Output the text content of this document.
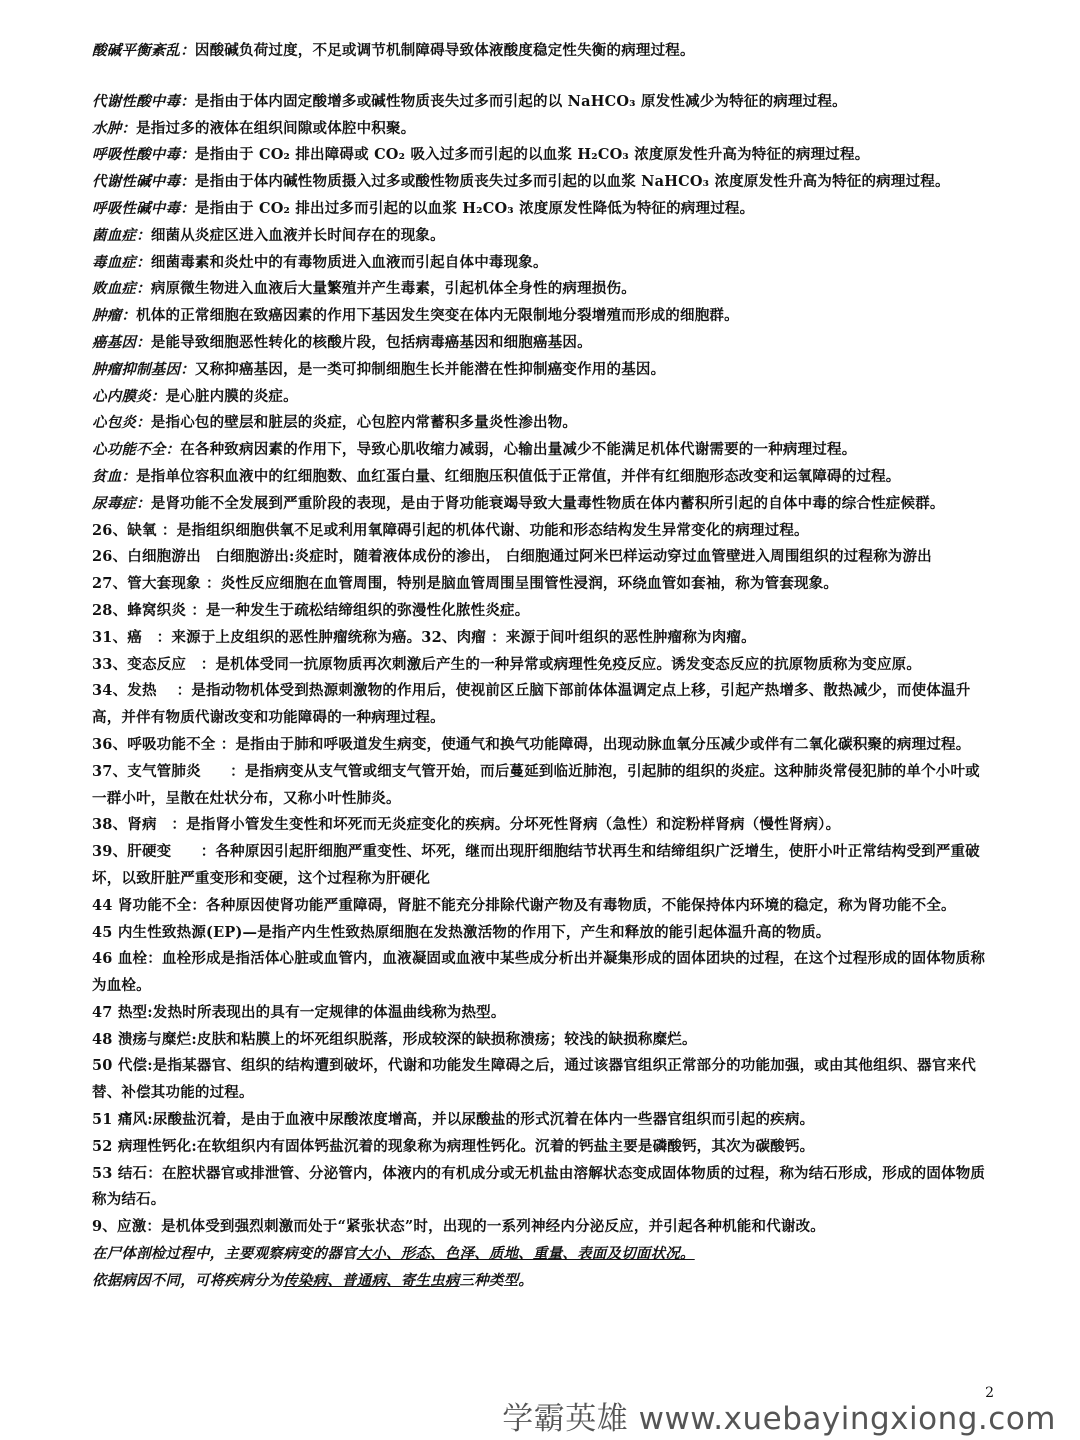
酸碱平衡紊乱：因酸碱负荷过度，不足或调节机制障碍导致体液酸度稳定性失衡的病理过程。

代谢性酸中毒：是指由于体内固定酸增多或碱性物质丧失过多而引起的以 NaHCO₃ 原发性减少为特征的病理过程。

水肿：是指过多的液体在组织间隙或体腔中积聚。

呼吸性酸中毒：是指由于 CO₂ 排出障碍或 CO₂ 吸入过多而引起的以血浆 H₂CO₃ 浓度原发性升高为特征的病理过程。

代谢性碱中毒：是指由于体内碱性物质摄入过多或酸性物质丧失过多而引起的以血浆 NaHCO₃ 浓度原发性升高为特征的病理过程。

呼吸性碱中毒：是指由于 CO₂ 排出过多而引起的以血浆 H₂CO₃ 浓度原发性降低为特征的病理过程。

菌血症：细菌从炎症区进入血液并长时间存在的现象。

毒血症：细菌毒素和炎灶中的有毒物质进入血液而引起自体中毒现象。

败血症：病原微生物进入血液后大量繁殖并产生毒素，引起机体全身性的病理损伤。

肿瘤：机体的正常细胞在致癌因素的作用下基因发生突变在体内无限制地分裂增殖而形成的细胞群。

癌基因：是能导致细胞恶性转化的核酸片段，包括病毒癌基因和细胞癌基因。

肿瘤抑制基因：又称抑癌基因，是一类可抑制细胞生长并能潜在性抑制癌变作用的基因。

心内膜炎：是心脏内膜的炎症。

心包炎：是指心包的壁层和脏层的炎症，心包腔内常蓄积多量炎性渗出物。

心功能不全：在各种致病因素的作用下，导致心肌收缩力减弱，心输出量减少不能满足机体代谢需要的一种病理过程。

贫血：是指单位容积血液中的红细胞数、血红蛋白量、红细胞压积值低于正常值，并伴有红细胞形态改变和运氧障碍的过程。

尿毒症：是肾功能不全发展到严重阶段的表现，是由于肾功能衰竭导致大量毒性物质在体内蓄积所引起的自体中毒的综合性症候群。

26、缺氧 ：是指组织细胞供氧不足或利用氧障碍引起的机体代谢、功能和形态结构发生异常变化的病理过程。

26、白细胞游出　白细胞游出:炎症时，随着液体成份的渗出， 白细胞通过阿米巴样运动穿过血管壁进入周围组织的过程称为游出

27、管大套现象 ：炎性反应细胞在血管周围，特别是脑血管周围呈围管性浸润，环绕血管如套袖，称为管套现象。

28、蜂窝织炎 ：是一种发生于疏松结缔组织的弥漫性化脓性炎症。

31、癌　：来源于上皮组织的恶性肿瘤统称为癌。32、肉瘤 ：来源于间叶组织的恶性肿瘤称为肉瘤。

33、变态反应　：是机体受同一抗原物质再次刺激后产生的一种异常或病理性免疫反应。诱发变态反应的抗原物质称为变应原。

34、发热　 ：是指动物机体受到热源刺激物的作用后，使视前区丘脑下部前体体温调定点上移，引起产热增多、散热减少，而使体温升高，并伴有物质代谢改变和功能障碍的一种病理过程。

36、呼吸功能不全 ：是指由于肺和呼吸道发生病变，使通气和换气功能障碍，出现动脉血氧分压减少或伴有二氧化碳积聚的病理过程。

37、支气管肺炎　　：是指病变从支气管或细支气管开始，而后蔓延到临近肺泡，引起肺的组织的炎症。这种肺炎常侵犯肺的单个小叶或一群小叶，呈散在灶状分布，又称小叶性肺炎。

38、肾病　：是指肾小管发生变性和坏死而无炎症变化的疾病。分坏死性肾病（急性）和淀粉样肾病（慢性肾病）。

39、肝硬变　　：各种原因引起肝细胞严重变性、坏死，继而出现肝细胞结节状再生和结缔组织广泛增生，使肝小叶正常结构受到严重破坏，以致肝脏严重变形和变硬，这个过程称为肝硬化

44 肾功能不全：各种原因使肾功能严重障碍，肾脏不能充分排除代谢产物及有毒物质，不能保持体内环境的稳定，称为肾功能不全。

45 内生性致热源(EP)—是指产内生性致热原细胞在发热激活物的作用下，产生和释放的能引起体温升高的物质。

46 血栓：血栓形成是指活体心脏或血管内，血液凝固或血液中某些成分析出并凝集形成的固体团块的过程，在这个过程形成的固体物质称为血栓。

47 热型:发热时所表现出的具有一定规律的体温曲线称为热型。

48 溃疡与糜烂:皮肤和粘膜上的坏死组织脱落，形成较深的缺损称溃疡；较浅的缺损称糜烂。

50 代偿:是指某器官、组织的结构遭到破坏，代谢和功能发生障碍之后，通过该器官组织正常部分的功能加强，或由其他组织、器官来代替、补偿其功能的过程。

51 痛风:尿酸盐沉着，是由于血液中尿酸浓度增高，并以尿酸盐的形式沉着在体内一些器官组织而引起的疾病。

52 病理性钙化:在软组织内有固体钙盐沉着的现象称为病理性钙化。沉着的钙盐主要是磷酸钙，其次为碳酸钙。

53 结石：在腔状器官或排泄管、分泌管内，体液内的有机成分或无机盐由溶解状态变成固体物质的过程，称为结石形成，形成的固体物质称为结石。

9、应激：是机体受到强烈刺激而处于“紧张状态”时，出现的一系列神经内分泌反应，并引起各种机能和代谢改。

在尸体剖检过程中，主要观察病变的器官大小、形态、色泽、质地、重量、表面及切面状况。

依据病因不同，可将疾病分为传染病、普通病、寄生虫病三种类型。

2
学霸英雄 www.xuebayingxiong.com
